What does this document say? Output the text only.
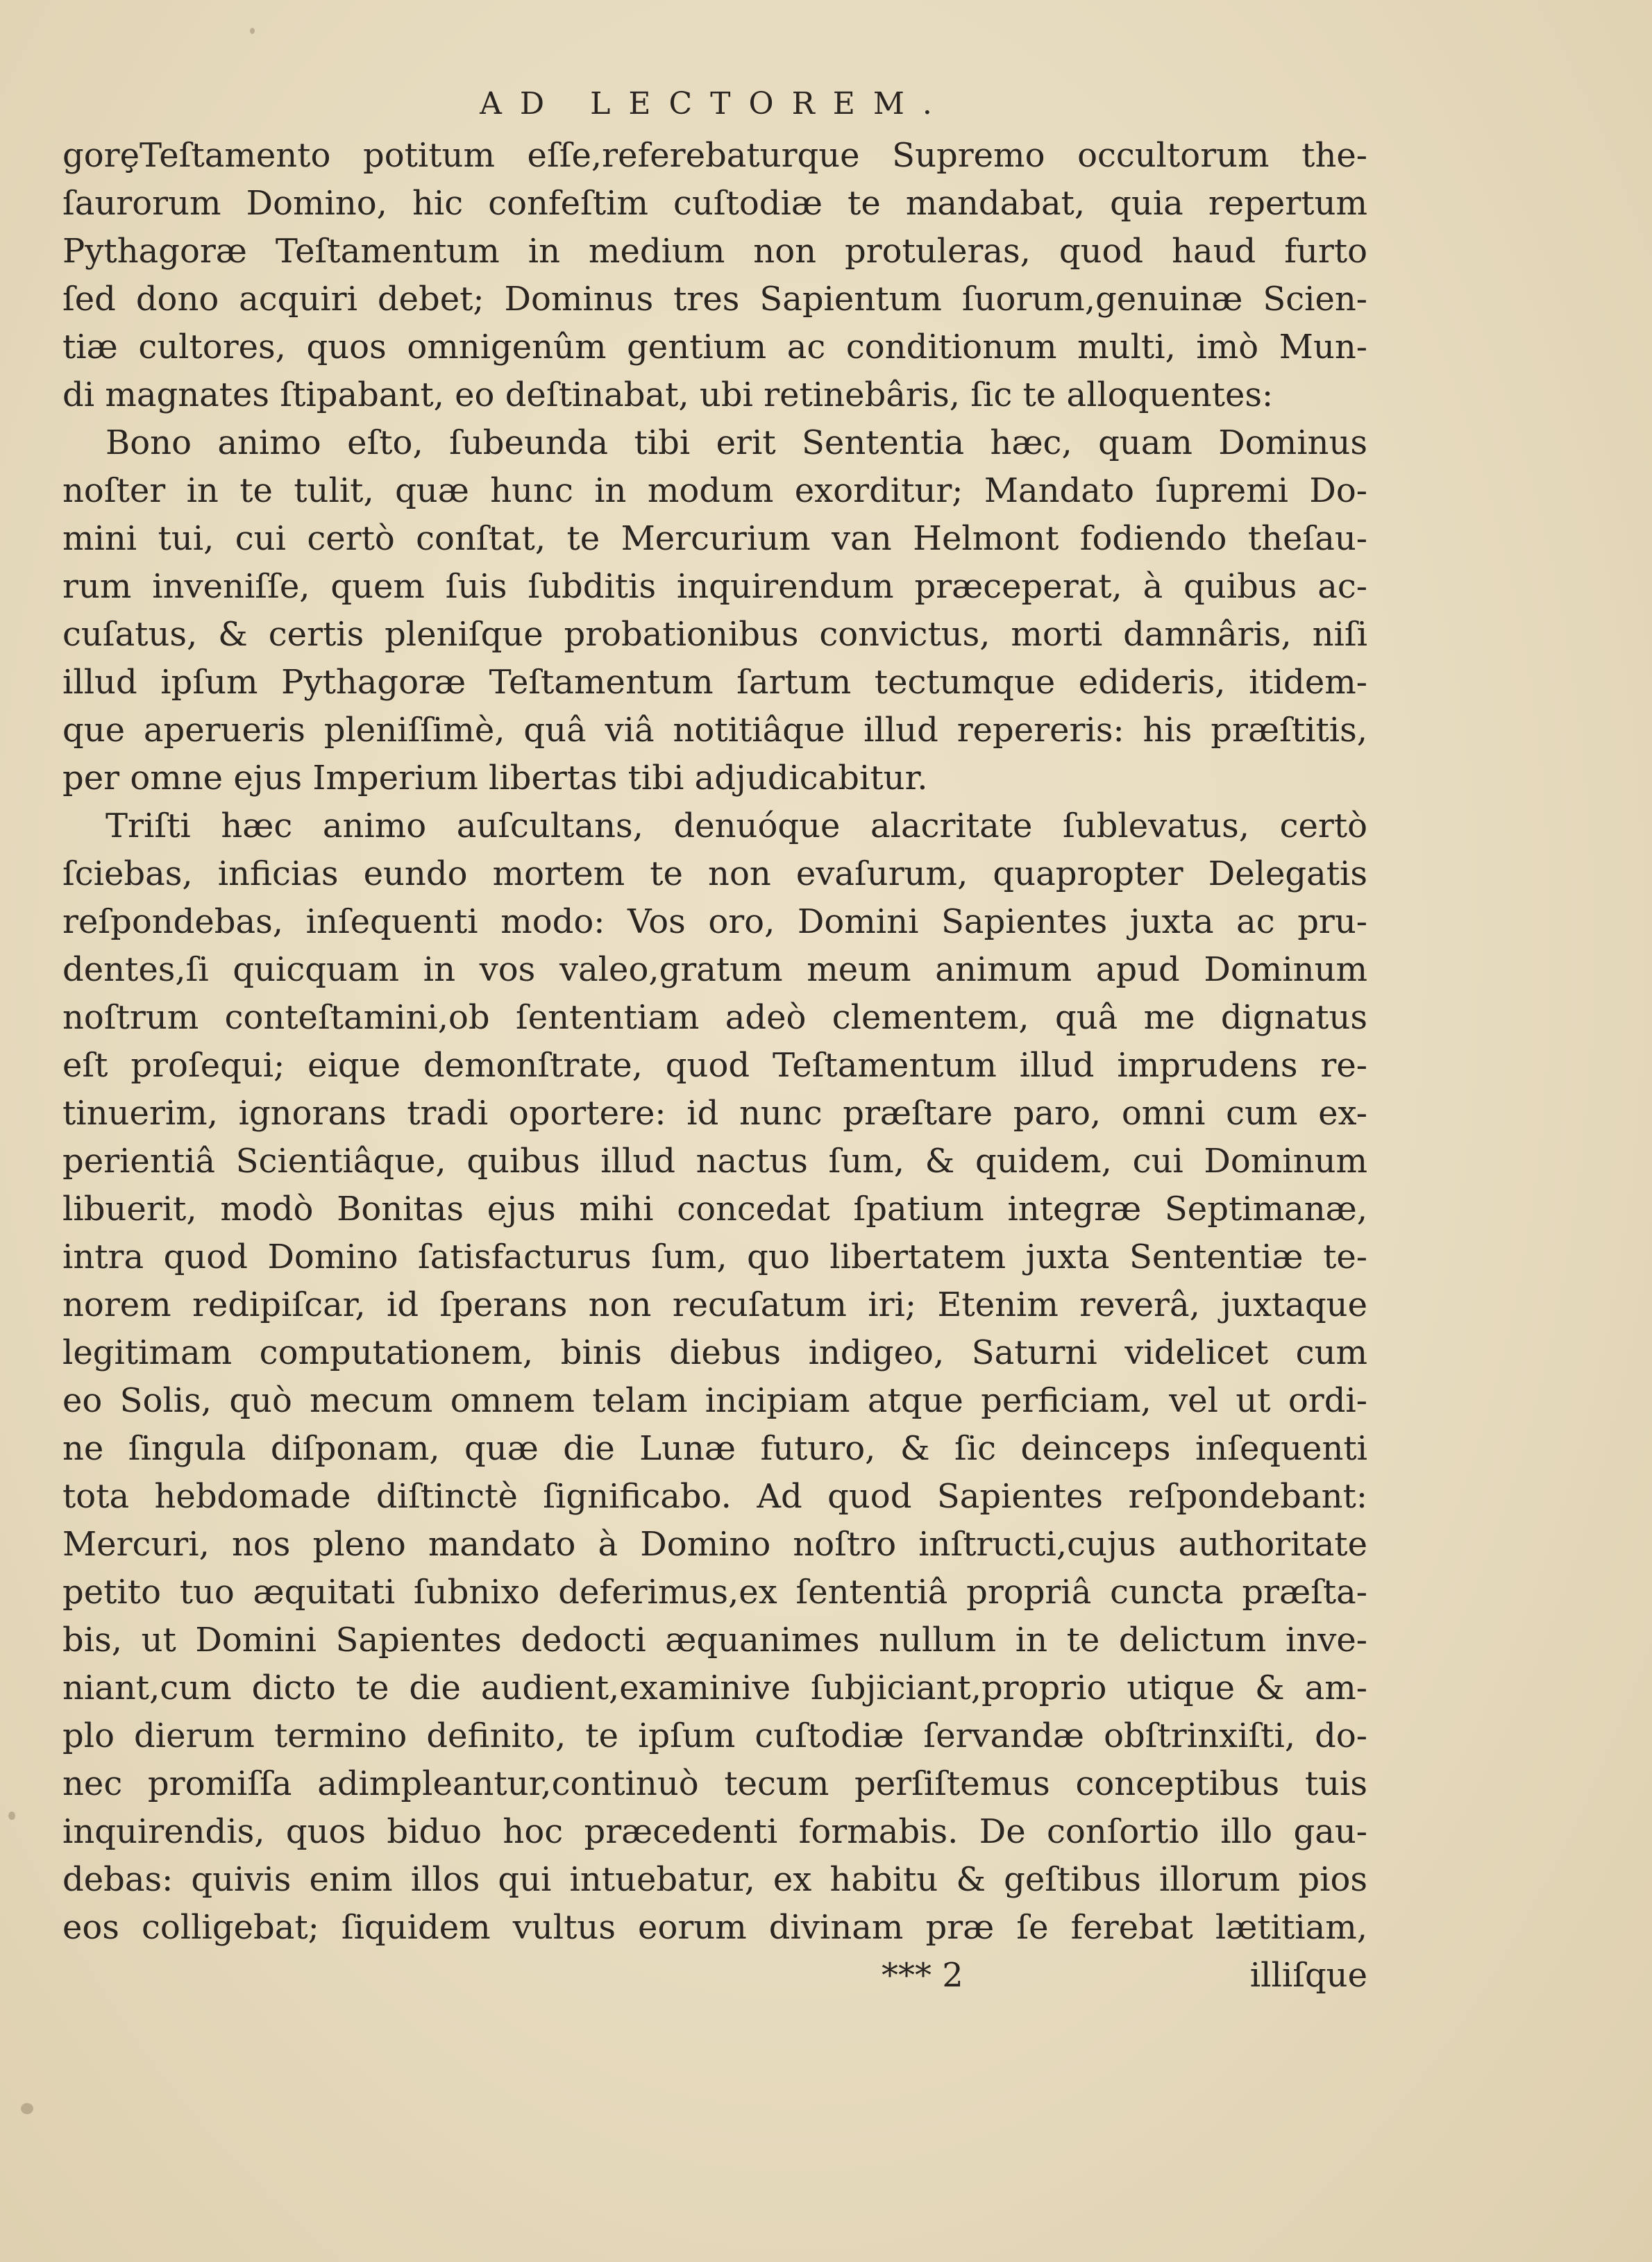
AD LECTOREM.
gorȩTeſtamento potitum eſſe,referebaturque Supremo occultorum the-
ſaurorum Domino, hic confeſtim cuſtodiæ te mandabat, quia repertum
Pythagoræ Teſtamentum in medium non protuleras, quod haud furto
ſed dono acquiri debet; Dominus tres Sapientum ſuorum,genuinæ Scien-
tiæ cultores, quos omnigenûm gentium ac conditionum multi, imò Mun-
di magnates ſtipabant, eo deſtinabat, ubi retinebâris, ſic te alloquentes:
Bono animo eſto, ſubeunda tibi erit Sententia hæc, quam Dominus
noſter in te tulit, quæ hunc in modum exorditur; Mandato ſupremi Do-
mini tui, cui certò conſtat, te Mercurium van Helmont fodiendo theſau-
rum inveniſſe, quem ſuis ſubditis inquirendum præceperat, à quibus ac-
cuſatus, & certis pleniſque probationibus convictus, morti damnâris, niſi
illud ipſum Pythagoræ Teſtamentum ſartum tectumque edideris, itidem-
que aperueris pleniſſimè, quâ viâ notitiâque illud repereris: his præſtitis,
per omne ejus Imperium libertas tibi adjudicabitur.
Triſti hæc animo auſcultans, denuóque alacritate ſublevatus, certò
ſciebas, inficias eundo mortem te non evaſurum, quapropter Delegatis
reſpondebas, inſequenti modo: Vos oro, Domini Sapientes juxta ac pru-
dentes,ſi quicquam in vos valeo,gratum meum animum apud Dominum
noſtrum conteſtamini,ob ſententiam adeò clementem, quâ me dignatus
eſt proſequi; eique demonſtrate, quod Teſtamentum illud imprudens re-
tinuerim, ignorans tradi oportere: id nunc præſtare paro, omni cum ex-
perientiâ Scientiâque, quibus illud nactus ſum, & quidem, cui Dominum
libuerit, modò Bonitas ejus mihi concedat ſpatium integræ Septimanæ,
intra quod Domino ſatisfacturus ſum, quo libertatem juxta Sententiæ te-
norem redipiſcar, id ſperans non recuſatum iri; Etenim reverâ, juxtaque
legitimam computationem, binis diebus indigeo, Saturni videlicet cum
eo Solis, quò mecum omnem telam incipiam atque perficiam, vel ut ordi-
ne ſingula diſponam, quæ die Lunæ futuro, & ſic deinceps inſequenti
tota hebdomade diſtinctè ſignificabo. Ad quod Sapientes reſpondebant:
Mercuri, nos pleno mandato à Domino noſtro inſtructi,cujus authoritate
petito tuo æquitati ſubnixo deferimus,ex ſententiâ propriâ cuncta præſta-
bis, ut Domini Sapientes dedocti æquanimes nullum in te delictum inve-
niant,cum dicto te die audient,examinive ſubjiciant,proprio utique & am-
plo dierum termino definito, te ipſum cuſtodiæ ſervandæ obſtrinxiſti, do-
nec promiſſa adimpleantur,continuò tecum perſiſtemus conceptibus tuis
inquirendis, quos biduo hoc præcedenti formabis. De conſortio illo gau-
debas: quivis enim illos qui intuebatur, ex habitu & geſtibus illorum pios
eos colligebat; ſiquidem vultus eorum divinam præ ſe ferebat lætitiam,
*** 2	illiſque
